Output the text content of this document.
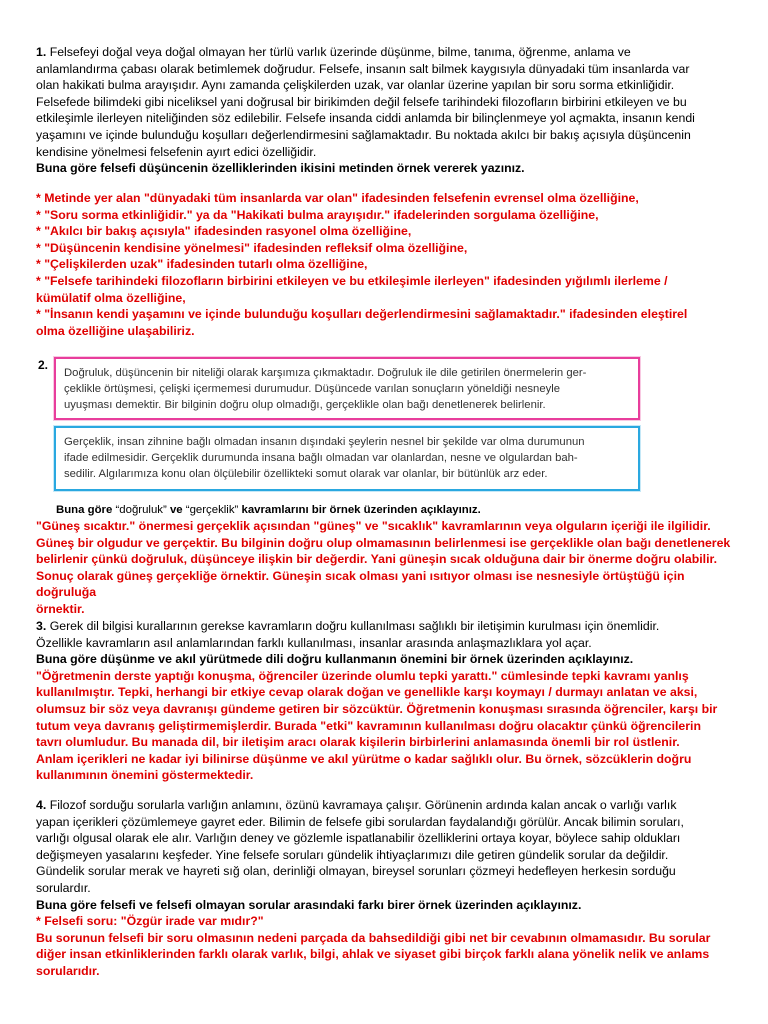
1. Felsefeyi doğal veya doğal olmayan her türlü varlık üzerinde düşünme, bilme, tanıma, öğrenme, anlama ve
anlamlandırma çabası olarak betimlemek doğrudur. Felsefe, insanın salt bilmek kaygısıyla dünyadaki tüm insanlarda var
olan hakikati bulma arayışıdır. Aynı zamanda çelişkilerden uzak, var olanlar üzerine yapılan bir soru sorma etkinliğidir.
Felsefede bilimdeki gibi niceliksel yani doğrusal bir birikimden değil felsefe tarihindeki filozofların birbirini etkileyen ve bu
etkileşimle ilerleyen niteliğinden söz edilebilir. Felsefe insanda ciddi anlamda bir bilinçlenmeye yol açmakta, insanın kendi
yaşamını ve içinde bulunduğu koşulları değerlendirmesini sağlamaktadır. Bu noktada akılcı bir bakış açısıyla düşüncenin
kendisine yönelmesi felsefenin ayırt edici özelliğidir.

Buna göre felsefi düşüncenin özelliklerinden ikisini metinden örnek vererek yazınız.

* Metinde yer alan "dünyadaki tüm insanlarda var olan" ifadesinden felsefenin evrensel olma özelliğine,

* "Soru sorma etkinliğidir." ya da "Hakikati bulma arayışıdır." ifadelerinden sorgulama özelliğine,

* "Akılcı bir bakış açısıyla" ifadesinden rasyonel olma özelliğine,

* "Düşüncenin kendisine yönelmesi" ifadesinden refleksif olma özelliğine,

* "Çelişkilerden uzak" ifadesinden tutarlı olma özelliğine,

* "Felsefe tarihindeki filozofların birbirini etkileyen ve bu etkileşimle ilerleyen" ifadesinden yığılımlı ilerleme /

kümülatif olma özelliğine,

* "İnsanın kendi yaşamını ve içinde bulunduğu koşulları değerlendirmesini sağlamaktadır." ifadesinden eleştirel

olma özelliğine ulaşabiliriz.

2.
Doğruluk, düşüncenin bir niteliği olarak karşımıza çıkmaktadır. Doğruluk ile dile getirilen önermelerin ger-
çeklikle örtüşmesi, çelişki içermemesi durumudur. Düşüncede varılan sonuçların yöneldiği nesneyle
uyuşması demektir. Bir bilginin doğru olup olmadığı, gerçeklikle olan bağı denetlenerek belirlenir.
Gerçeklik, insan zihnine bağlı olmadan insanın dışındaki şeylerin nesnel bir şekilde var olma durumunun
ifade edilmesidir. Gerçeklik durumunda insana bağlı olmadan var olanlardan, nesne ve olgulardan bah-
sedilir. Algılarımıza konu olan ölçülebilir özellikteki somut olarak var olanlar, bir bütünlük arz eder.
Buna göre “doğruluk” ve “gerçeklik” kavramlarını bir örnek üzerinden açıklayınız.

"Güneş sıcaktır." önermesi gerçeklik açısından "güneş" ve "sıcaklık" kavramlarının veya olguların içeriği ile ilgilidir.

Güneş bir olgudur ve gerçektir. Bu bilginin doğru olup olmamasının belirlenmesi ise gerçeklikle olan bağı denetlenerek

belirlenir çünkü doğruluk, düşünceye ilişkin bir değerdir. Yani güneşin sıcak olduğuna dair bir önerme doğru olabilir.

Sonuç olarak güneş gerçekliğe örnektir. Güneşin sıcak olması yani ısıtıyor olması ise nesnesiyle örtüştüğü için doğruluğa

örnektir.

3. Gerek dil bilgisi kurallarının gerekse kavramların doğru kullanılması sağlıklı bir iletişimin kurulması için önemlidir.
Özellikle kavramların asıl anlamlarından farklı kullanılması, insanlar arasında anlaşmazlıklara yol açar.

Buna göre düşünme ve akıl yürütmede dili doğru kullanmanın önemini bir örnek üzerinden açıklayınız.

"Öğretmenin derste yaptığı konuşma, öğrenciler üzerinde olumlu tepki yarattı." cümlesinde tepki kavramı yanlış

kullanılmıştır. Tepki, herhangi bir etkiye cevap olarak doğan ve genellikle karşı koymayı / durmayı anlatan ve aksi,

olumsuz bir söz veya davranışı gündeme getiren bir sözcüktür. Öğretmenin konuşması sırasında öğrenciler, karşı bir

tutum veya davranış geliştirmemişlerdir. Burada "etki" kavramının kullanılması doğru olacaktır çünkü öğrencilerin

tavrı olumludur. Bu manada dil, bir iletişim aracı olarak kişilerin birbirlerini anlamasında önemli bir rol üstlenir.

Anlam içerikleri ne kadar iyi bilinirse düşünme ve akıl yürütme o kadar sağlıklı olur. Bu örnek, sözcüklerin doğru

kullanımının önemini göstermektedir.

4. Filozof sorduğu sorularla varlığın anlamını, özünü kavramaya çalışır. Görünenin ardında kalan ancak o varlığı varlık
yapan içerikleri çözümlemeye gayret eder. Bilimin de felsefe gibi sorulardan faydalandığı görülür. Ancak bilimin soruları,
varlığı olgusal olarak ele alır. Varlığın deney ve gözlemle ispatlanabilir özelliklerini ortaya koyar, böylece sahip oldukları
değişmeyen yasalarını keşfeder. Yine felsefe soruları gündelik ihtiyaçlarımızı dile getiren gündelik sorular da değildir.
Gündelik sorular merak ve hayreti sığ olan, derinliği olmayan, bireysel sorunları çözmeyi hedefleyen herkesin sorduğu
sorulardır.

Buna göre felsefi ve felsefi olmayan sorular arasındaki farkı birer örnek üzerinden açıklayınız.

* Felsefi soru: "Özgür irade var mıdır?"

Bu sorunun felsefi bir soru olmasının nedeni parçada da bahsedildiği gibi net bir cevabının olmamasıdır. Bu sorular

diğer insan etkinliklerinden farklı olarak varlık, bilgi, ahlak ve siyaset gibi birçok farklı alana yönelik nelik ve anlams

sorularıdır.
